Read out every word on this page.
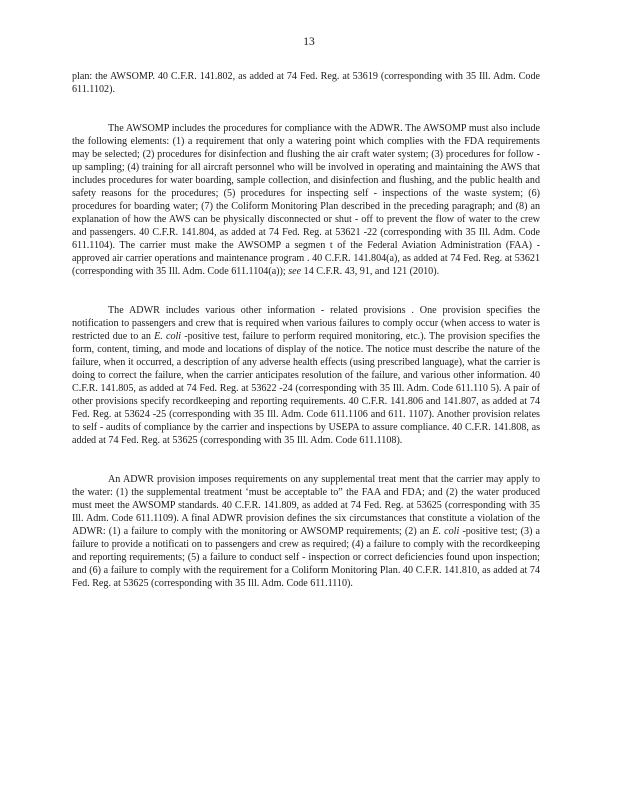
13

plan: the AWSOMP. 40 C.F.R. 141.802, as added at 74 Fed. Reg. at 53619 (corresponding with 35 Ill. Adm. Code 611.1102).

The AWSOMP includes the procedures for compliance with the ADWR. The AWSOMP must also include the following elements: (1) a requirement that only a watering point which complies with the FDA requirements may be selected; (2) procedures for disinfection and flushing the air craft water system; (3) procedures for follow - up sampling; (4) training for all aircraft personnel who will be involved in operating and maintaining the AWS that includes procedures for water boarding, sample collection, and disinfection and flushing, and the public health and safety reasons for the procedures; (5) procedures for inspecting self - inspections of the waste system; (6) procedures for boarding water; (7) the Coliform Monitoring Plan described in the preceding paragraph; and (8) an explanation of how the AWS can be physically disconnected or shut - off to prevent the flow of water to the crew and passengers. 40 C.F.R. 141.804, as added at 74 Fed. Reg. at 53621 -22 (corresponding with 35 Ill. Adm. Code 611.1104). The carrier must make the AWSOMP a segmen t of the Federal Aviation Administration (FAA) -approved air carrier operations and maintenance program . 40 C.F.R. 141.804(a), as added at 74 Fed. Reg. at 53621 (corresponding with 35 Ill. Adm. Code 611.1104(a)); see 14 C.F.R. 43, 91, and 121 (2010).

The ADWR includes various other information - related provisions . One provision specifies the notification to passengers and crew that is required when various failures to comply occur (when access to water is restricted due to an E. coli -positive test, failure to perform required monitoring, etc.). The provision specifies the form, content, timing, and mode and locations of display of the notice. The notice must describe the nature of the failure, when it occurred, a description of any adverse health effects (using prescribed language), what the carrier is doing to correct the failure, when the carrier anticipates resolution of the failure, and various other information. 40 C.F.R. 141.805, as added at 74 Fed. Reg. at 53622 -24 (corresponding with 35 Ill. Adm. Code 611.110 5). A pair of other provisions specify recordkeeping and reporting requirements. 40 C.F.R. 141.806 and 141.807, as added at 74 Fed. Reg. at 53624 -25 (corresponding with 35 Ill. Adm. Code 611.1106 and 611. 1107). Another provision relates to self - audits of compliance by the carrier and inspections by USEPA to assure compliance. 40 C.F.R. 141.808, as added at 74 Fed. Reg. at 53625 (corresponding with 35 Ill. Adm. Code 611.1108).

An ADWR provision imposes requirements on any supplemental treat ment that the carrier may apply to the water: (1) the supplemental treatment ‘must be acceptable to” the FAA and FDA; and (2) the water produced must meet the AWSOMP standards. 40 C.F.R. 141.809, as added at 74 Fed. Reg. at 53625 (corresponding with 35 Ill. Adm. Code 611.1109). A final ADWR provision defines the six circumstances that constitute a violation of the ADWR: (1) a failure to comply with the monitoring or AWSOMP requirements; (2) an E. coli -positive test; (3) a failure to provide a notificati on to passengers and crew as required; (4) a failure to comply with the recordkeeping and reporting requirements; (5) a failure to conduct self - inspection or correct deficiencies found upon inspection; and (6) a failure to comply with the requirement for a Coliform Monitoring Plan. 40 C.F.R. 141.810, as added at 74 Fed. Reg. at 53625 (corresponding with 35 Ill. Adm. Code 611.1110).
